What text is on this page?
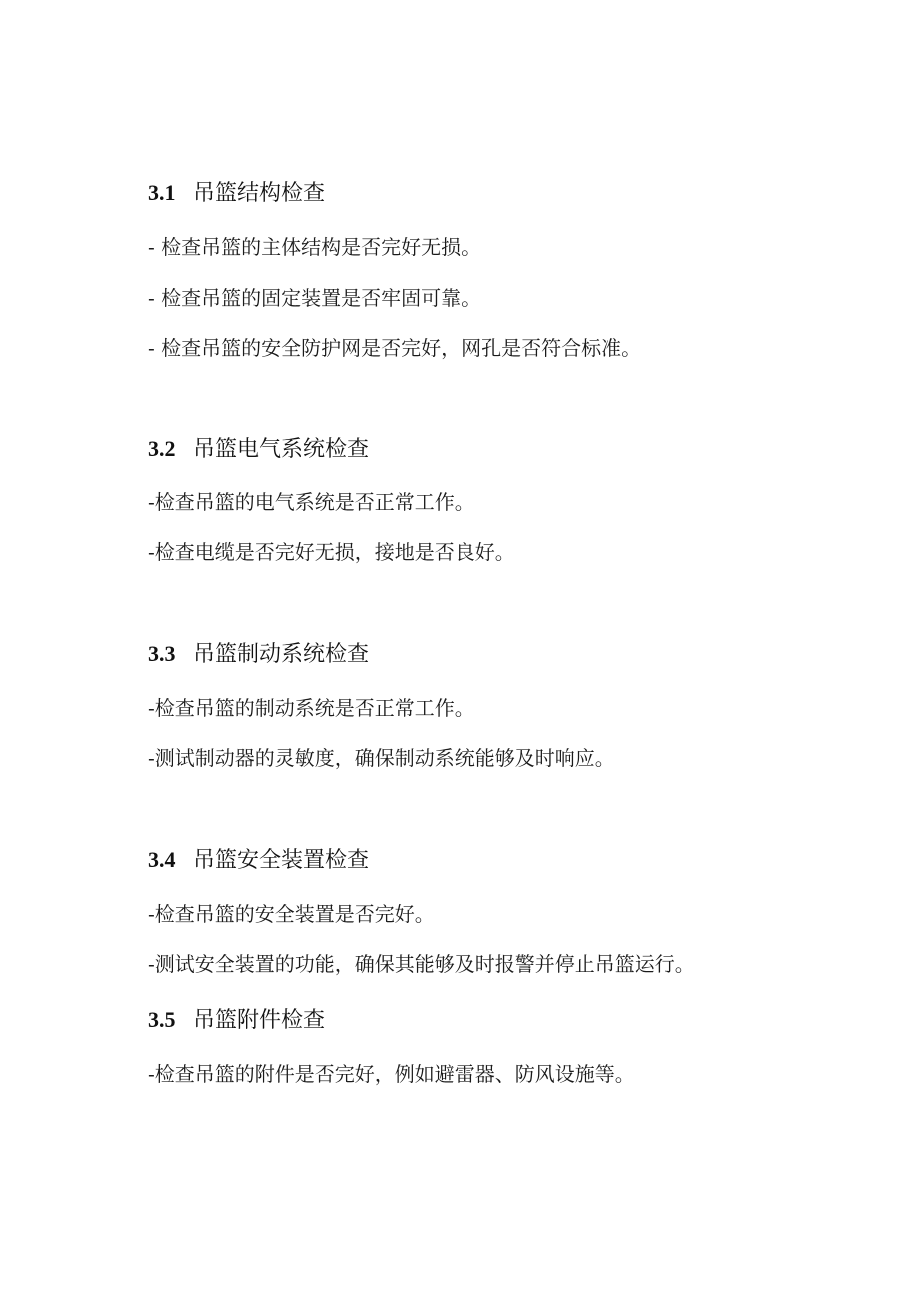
3.1 吊篮结构检查
- 检查吊篮的主体结构是否完好无损。
- 检查吊篮的固定装置是否牢固可靠。
- 检查吊篮的安全防护网是否完好，网孔是否符合标准。
3.2 吊篮电气系统检查
-检查吊篮的电气系统是否正常工作。
-检查电缆是否完好无损，接地是否良好。
3.3 吊篮制动系统检查
-检查吊篮的制动系统是否正常工作。
-测试制动器的灵敏度，确保制动系统能够及时响应。
3.4 吊篮安全装置检查
-检查吊篮的安全装置是否完好。
-测试安全装置的功能，确保其能够及时报警并停止吊篮运行。
3.5 吊篮附件检查
-检查吊篮的附件是否完好，例如避雷器、防风设施等。
